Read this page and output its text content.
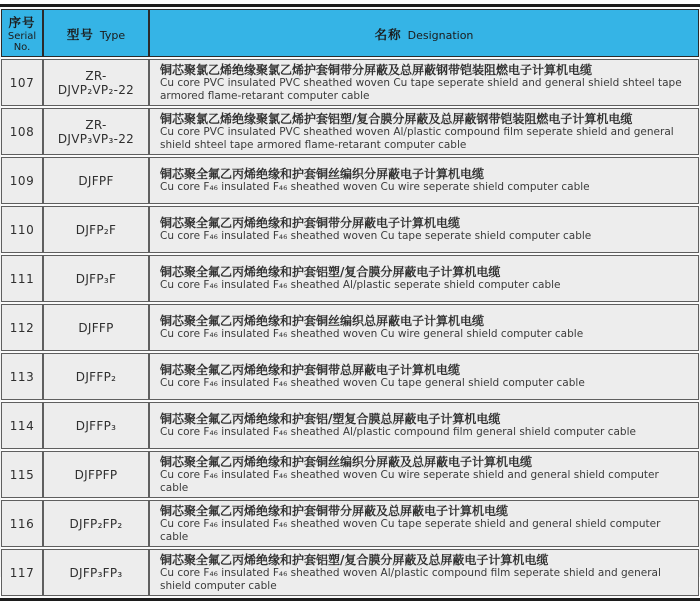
序号
Serial
No.	型号 Type	名称 Designation
107	ZR-DJVP₂VP₂-22	铜芯聚氯乙烯绝缘聚氯乙烯护套铜带分屏蔽及总屏蔽钢带铠装阻燃电子计算机电缆
Cu core PVC insulated PVC sheathed woven Cu tape seperate shield and general shield shteel tape armored flame-retarant computer cable

108	ZR-DJVP₃VP₃-22	铜芯聚氯乙烯绝缘聚氯乙烯护套铝塑/复合膜分屏蔽及总屏蔽钢带铠装阻燃电子计算机电缆
Cu core PVC insulated PVC sheathed woven Al/plastic compound film seperate shield and general shield shteel tape armored flame-retarant computer cable

109	DJFPF	铜芯聚全氟乙丙烯绝缘和护套铜丝编织分屏蔽电子计算机电缆
Cu core F₄₆ insulated F₄₆ sheathed woven Cu wire seperate shield computer cable

110	DJFP₂F	铜芯聚全氟乙丙烯绝缘和护套铜带分屏蔽电子计算机电缆
Cu core F₄₆ insulated F₄₆ sheathed woven Cu tape seperate shield computer cable

111	DJFP₃F	铜芯聚全氟乙丙烯绝缘和护套铝塑/复合膜分屏蔽电子计算机电缆
Cu core F₄₆ insulated F₄₆ sheathed Al/plastic seperate shield computer cable

112	DJFFP	铜芯聚全氟乙丙烯绝缘和护套铜丝编织总屏蔽电子计算机电缆
Cu core F₄₆ insulated F₄₆ sheathed woven Cu wire general shield computer cable

113	DJFFP₂	铜芯聚全氟乙丙烯绝缘和护套铜带总屏蔽电子计算机电缆
Cu core F₄₆ insulated F₄₆ sheathed woven Cu tape general shield computer cable

114	DJFFP₃	铜芯聚全氟乙丙烯绝缘和护套铝/塑复合膜总屏蔽电子计算机电缆
Cu core F₄₆ insulated F₄₆ sheathed Al/plastic compound film general shield computer cable

115	DJFPFP	铜芯聚全氟乙丙烯绝缘和护套铜丝编织分屏蔽及总屏蔽电子计算机电缆
Cu core F₄₆ insulated F₄₆ sheathed woven Cu wire seperate shield and general shield computer cable

116	DJFP₂FP₂	铜芯聚全氟乙丙烯绝缘和护套铜带分屏蔽及总屏蔽电子计算机电缆
Cu core F₄₆ insulated F₄₆ sheathed woven Cu tape seperate shield and general shield computer cable

117	DJFP₃FP₃	铜芯聚全氟乙丙烯绝缘和护套铝塑/复合膜分屏蔽及总屏蔽电子计算机电缆
Cu core F₄₆ insulated F₄₆ sheathed woven Al/plastic compound film seperate shield and general shield computer cable
